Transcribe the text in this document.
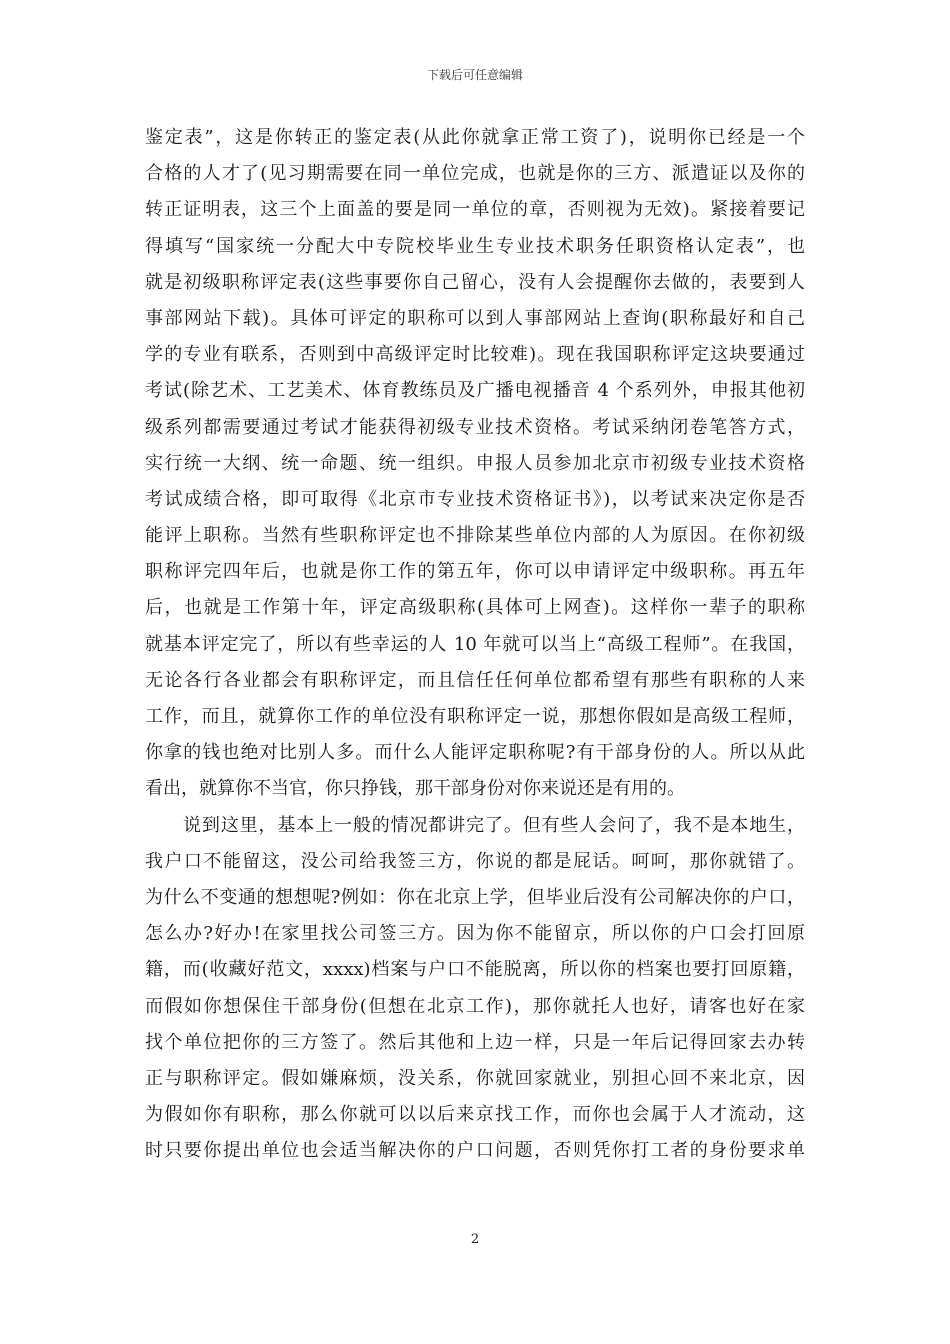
下载后可任意编辑
鉴定表”，这是你转正的鉴定表(从此你就拿正常工资了)，说明你已经是一个
合格的人才了(见习期需要在同一单位完成，也就是你的三方、派遣证以及你的
转正证明表，这三个上面盖的要是同一单位的章，否则视为无效)。紧接着要记
得填写“国家统一分配大中专院校毕业生专业技术职务任职资格认定表”，也
就是初级职称评定表(这些事要你自己留心，没有人会提醒你去做的，表要到人
事部网站下载)。具体可评定的职称可以到人事部网站上查询(职称最好和自己
学的专业有联系，否则到中高级评定时比较难)。现在我国职称评定这块要通过
考试(除艺术、工艺美术、体育教练员及广播电视播音 4 个系列外，申报其他初
级系列都需要通过考试才能获得初级专业技术资格。考试采纳闭卷笔答方式，
实行统一大纲、统一命题、统一组织。申报人员参加北京市初级专业技术资格
考试成绩合格，即可取得《北京市专业技术资格证书》)，以考试来决定你是否
能评上职称。当然有些职称评定也不排除某些单位内部的人为原因。在你初级
职称评完四年后，也就是你工作的第五年，你可以申请评定中级职称。再五年
后，也就是工作第十年，评定高级职称(具体可上网查)。这样你一辈子的职称
就基本评定完了，所以有些幸运的人 10 年就可以当上“高级工程师”。在我国，
无论各行各业都会有职称评定，而且信任任何单位都希望有那些有职称的人来
工作，而且，就算你工作的单位没有职称评定一说，那想你假如是高级工程师，
你拿的钱也绝对比别人多。而什么人能评定职称呢?有干部身份的人。所以从此
看出，就算你不当官，你只挣钱，那干部身份对你来说还是有用的。
说到这里，基本上一般的情况都讲完了。但有些人会问了，我不是本地生，
我户口不能留这，没公司给我签三方，你说的都是屁话。呵呵，那你就错了。
为什么不变通的想想呢?例如：你在北京上学，但毕业后没有公司解决你的户口，
怎么办?好办!在家里找公司签三方。因为你不能留京，所以你的户口会打回原
籍，而(收藏好范文，xxxx)档案与户口不能脱离，所以你的档案也要打回原籍，
而假如你想保住干部身份(但想在北京工作)，那你就托人也好，请客也好在家
找个单位把你的三方签了。然后其他和上边一样，只是一年后记得回家去办转
正与职称评定。假如嫌麻烦，没关系，你就回家就业，别担心回不来北京，因
为假如你有职称，那么你就可以以后来京找工作，而你也会属于人才流动，这
时只要你提出单位也会适当解决你的户口问题，否则凭你打工者的身份要求单
2
